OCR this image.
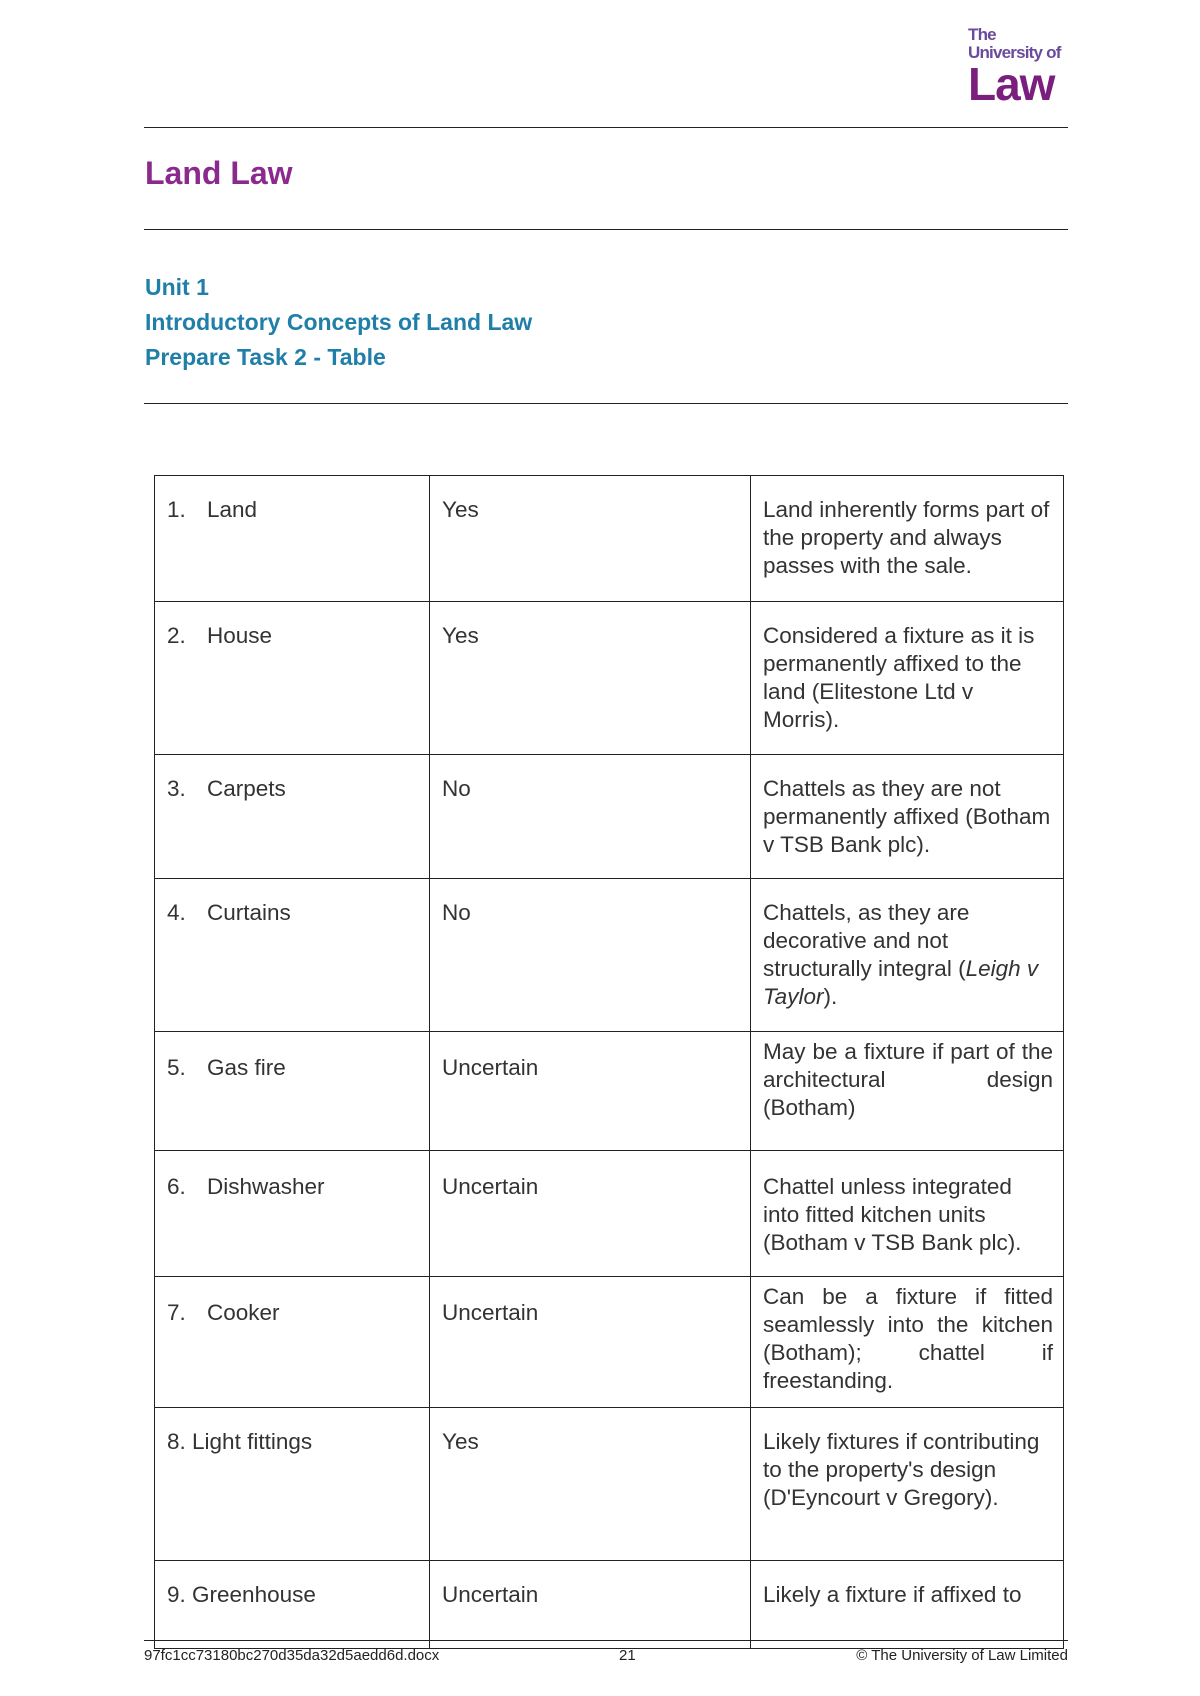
The
University of
Law
Land Law
Unit 1
Introductory Concepts of Land Law
Prepare Task 2 - Table
1. Land	Yes	Land inherently forms part of the property and always passes with the sale.
2. House	Yes	Considered a fixture as it is permanently affixed to the land (Elitestone Ltd v Morris).
3. Carpets	No	Chattels as they are not permanently affixed (Botham v TSB Bank plc).
4. Curtains	No	Chattels, as they are decorative and not structurally integral (Leigh v Taylor).
5. Gas fire	Uncertain	May be a fixture if part of the architectural design (Botham)
6. Dishwasher	Uncertain	Chattel unless integrated into fitted kitchen units (Botham v TSB Bank plc).
7. Cooker	Uncertain	Can be a fixture if fitted seamlessly into the kitchen (Botham); chattel if freestanding.
8. Light fittings	Yes	Likely fixtures if contributing to the property's design (D'Eyncourt v Gregory).
9. Greenhouse	Uncertain	Likely a fixture if affixed to
97fc1cc73180bc270d35da32d5aedd6d.docx	21	© The University of Law Limited
